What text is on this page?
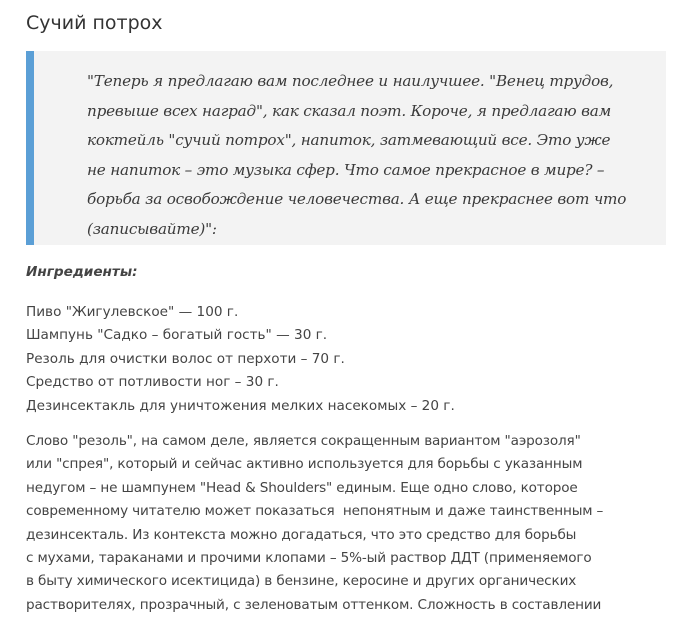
Сучий потрох

"Теперь я предлагаю вам последнее и наилучшее. "Венец трудов,
превыше всех наград", как сказал поэт. Короче, я предлагаю вам
коктейль "сучий потрох", напиток, затмевающий все. Это уже
не напиток – это музыка сфер. Что самое прекрасное в мире? –
борьба за освобождение человечества. А еще прекраснее вот что
(записывайте)":

Ингредиенты:

Пиво "Жигулевское" — 100 г.
Шампунь "Садко – богатый гость" — 30 г.
Резоль для очистки волос от перхоти – 70 г.
Средство от потливости ног – 30 г.
Дезинсектакль для уничтожения мелких насекомых – 20 г.

Слово "резоль", на самом деле, является сокращенным вариантом "аэрозоля"
или "спрея", который и сейчас активно используется для борьбы с указанным
недугом – не шампунем "Head & Shoulders" единым. Еще одно слово, которое
современному читателю может показаться  непонятным и даже таинственным –
дезинсекталь. Из контекста можно догадаться, что это средство для борьбы
с мухами, тараканами и прочими клопами – 5%-ый раствор ДДТ (применяемого
в быту химического исектицида) в бензине, керосине и других органических
растворителях, прозрачный, с зеленоватым оттенком. Сложность в составлении
